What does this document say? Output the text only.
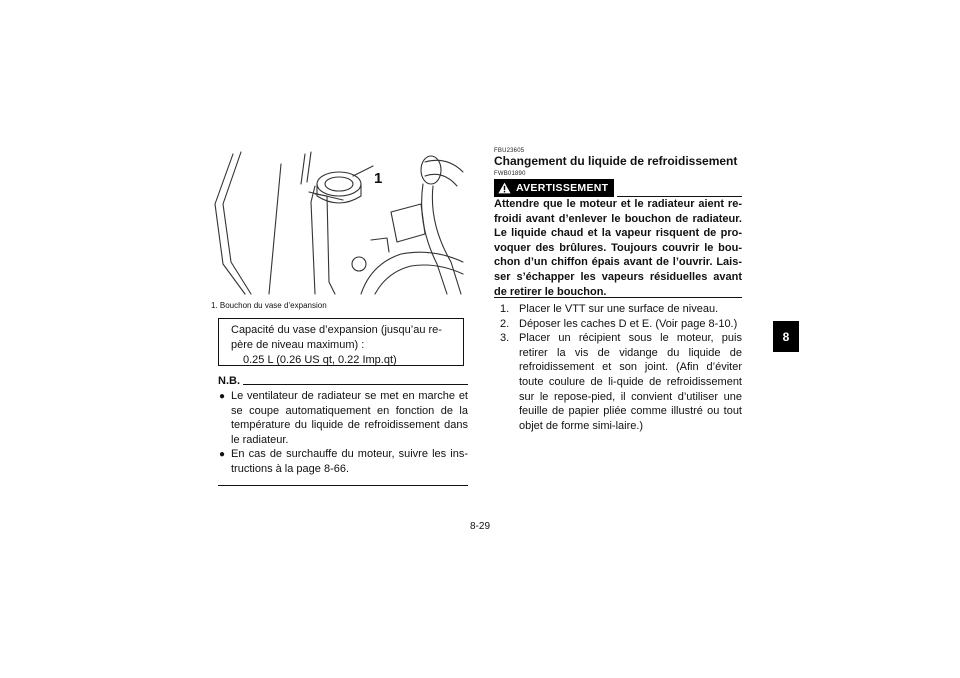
1
1. Bouchon du vase d’expansion
Capacité du vase d’expansion (jusqu’au re-père de niveau maximum) :
0.25 L (0.26 US qt, 0.22 Imp.qt)
N.B.
● Le ventilateur de radiateur se met en marche et se coupe automatiquement en fonction de la température du liquide de refroidissement dans le radiateur.
● En cas de surchauffe du moteur, suivre les ins-tructions à la page 8-66.
FBU23605
Changement du liquide de refroidissement
FWB01890
AVERTISSEMENT
Attendre que le moteur et le radiateur aient re-froidi avant d’enlever le bouchon de radiateur. Le liquide chaud et la vapeur risquent de pro-voquer des brûlures. Toujours couvrir le bou-chon d’un chiffon épais avant de l’ouvrir. Lais-ser s’échapper les vapeurs résiduelles avant de retirer le bouchon.
1. Placer le VTT sur une surface de niveau.
2. Déposer les caches D et E. (Voir page 8-10.)
3. Placer un récipient sous le moteur, puis retirer la vis de vidange du liquide de refroidissement et son joint. (Afin d’éviter toute coulure de li-quide de refroidissement sur le repose-pied, il convient d’utiliser une feuille de papier pliée comme illustré ou tout objet de forme simi-laire.)
8
8-29
